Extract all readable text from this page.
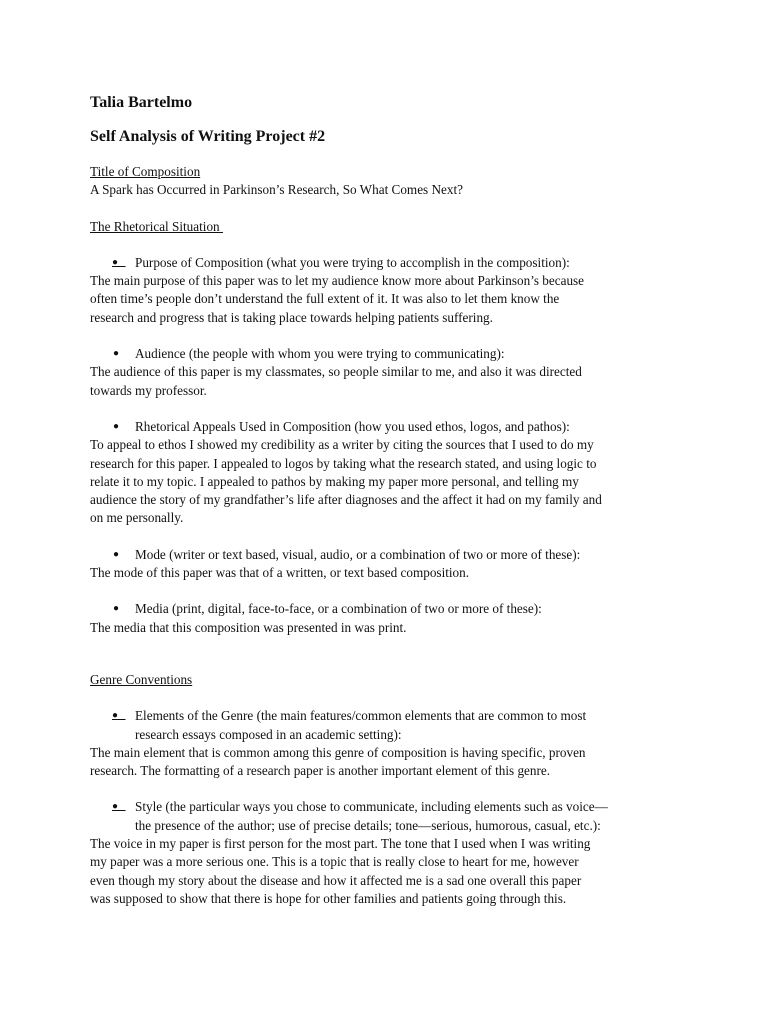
Talia Bartelmo
Self Analysis of Writing Project #2

Title of Composition

A Spark has Occurred in Parkinson’s Research, So What Comes Next?

The Rhetorical Situation

● Purpose of Composition (what you were trying to accomplish in the composition):

The main purpose of this paper was to let my audience know more about Parkinson’s because

often time’s people don’t understand the full extent of it. It was also to let them know the

research and progress that is taking place towards helping patients suffering.

● Audience (the people with whom you were trying to communicating):

The audience of this paper is my classmates, so people similar to me, and also it was directed

towards my professor.

● Rhetorical Appeals Used in Composition (how you used ethos, logos, and pathos):

To appeal to ethos I showed my credibility as a writer by citing the sources that I used to do my

research for this paper. I appealed to logos by taking what the research stated, and using logic to

relate it to my topic. I appealed to pathos by making my paper more personal, and telling my

audience the story of my grandfather’s life after diagnoses and the affect it had on my family and

on me personally.

● Mode (writer or text based, visual, audio, or a combination of two or more of these):

The mode of this paper was that of a written, or text based composition.

● Media (print, digital, face-to-face, or a combination of two or more of these):

The media that this composition was presented in was print.

Genre Conventions

● Elements of the Genre (the main features/common elements that are common to most

research essays composed in an academic setting):

The main element that is common among this genre of composition is having specific, proven

research. The formatting of a research paper is another important element of this genre.

● Style (the particular ways you chose to communicate, including elements such as voice—

the presence of the author; use of precise details; tone—serious, humorous, casual, etc.):

The voice in my paper is first person for the most part. The tone that I used when I was writing

my paper was a more serious one. This is a topic that is really close to heart for me, however

even though my story about the disease and how it affected me is a sad one overall this paper

was supposed to show that there is hope for other families and patients going through this.
